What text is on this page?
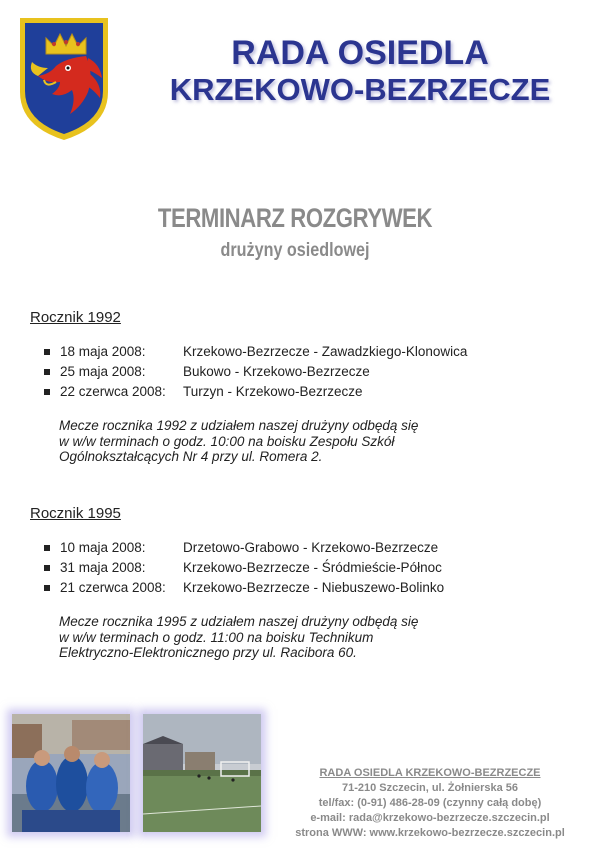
RADA OSIEDLA
KRZEKOWO-BEZRZECZE
TERMINARZ ROZGRYWEK
drużyny osiedlowej
Rocznik 1992
18 maja 2008:	Krzekowo-Bezrzecze - Zawadzkiego-Klonowica
25 maja 2008:	Bukowo - Krzekowo-Bezrzecze
22 czerwca 2008: Turzyn - Krzekowo-Bezrzecze
Mecze rocznika 1992 z udziałem naszej drużyny odbędą się
w w/w terminach o godz. 10:00 na boisku Zespołu Szkół
Ogólnokształcących Nr 4 przy ul. Romera 2.
Rocznik 1995
10 maja 2008:	Drzetowo-Grabowo - Krzekowo-Bezrzecze
31 maja 2008:	Krzekowo-Bezrzecze - Śródmieście-Północ
21 czerwca 2008: Krzekowo-Bezrzecze - Niebuszewo-Bolinko
Mecze rocznika 1995 z udziałem naszej drużyny odbędą się
w w/w terminach o godz. 11:00 na boisku Technikum
Elektryczno-Elektronicznego przy ul. Racibora 60.
RADA OSIEDLA KRZEKOWO-BEZRZECZE
71-210 Szczecin, ul. Żołnierska 56
tel/fax: (0-91) 486-28-09 (czynny całą dobę)
e-mail: rada@krzekowo-bezrzecze.szczecin.pl
strona WWW: www.krzekowo-bezrzecze.szczecin.pl
